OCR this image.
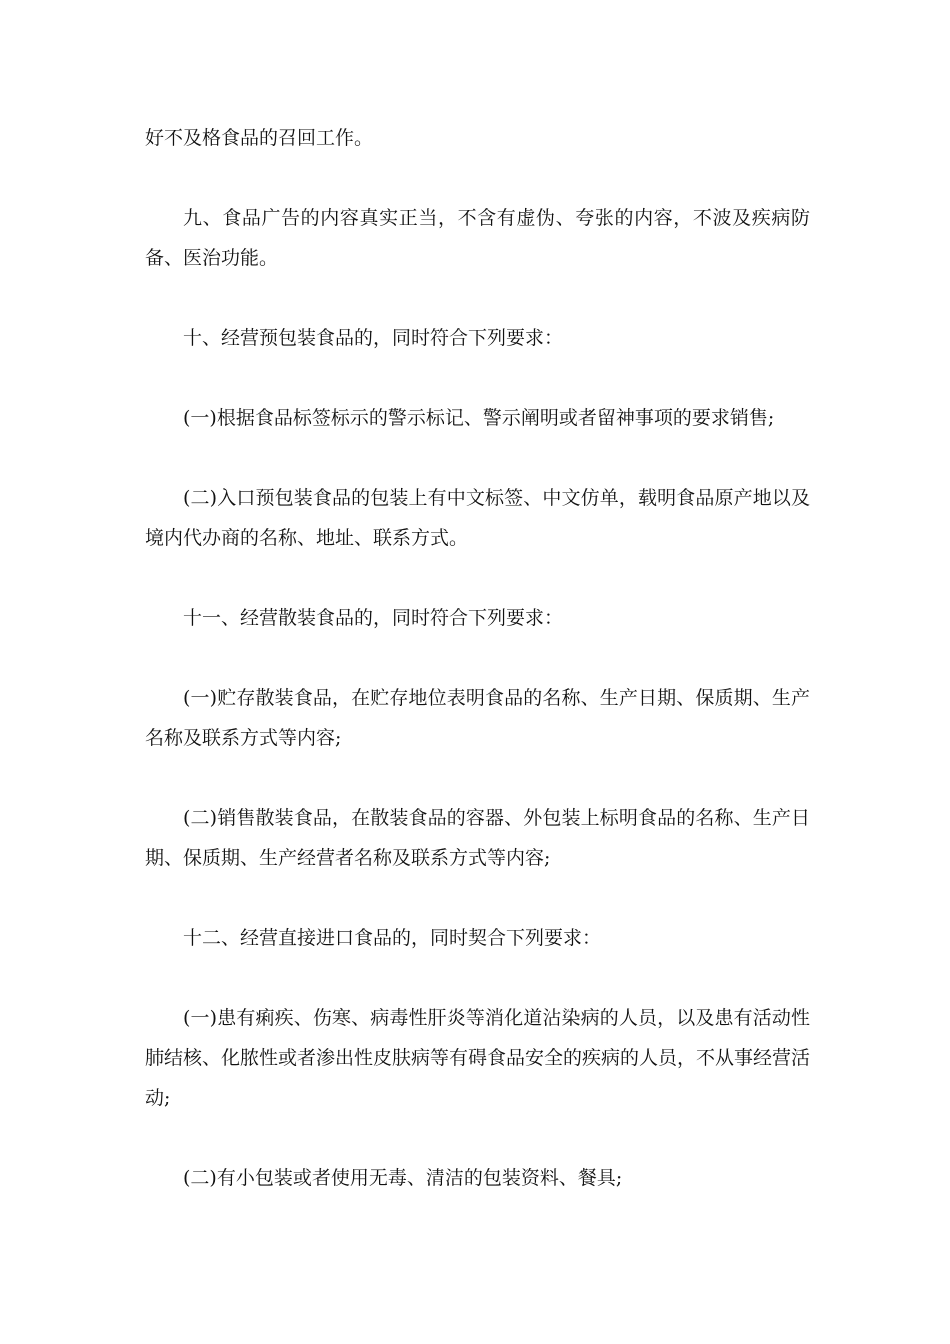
好不及格食品的召回工作。

九、食品广告的内容真实正当，不含有虚伪、夸张的内容，不波及疾病防备、医治功能。

十、经营预包装食品的，同时符合下列要求：

(一)根据食品标签标示的警示标记、警示阐明或者留神事项的要求销售;

(二)入口预包装食品的包装上有中文标签、中文仿单，载明食品原产地以及境内代办商的名称、地址、联系方式。

十一、经营散装食品的，同时符合下列要求：

(一)贮存散装食品，在贮存地位表明食品的名称、生产日期、保质期、生产名称及联系方式等内容;

(二)销售散装食品，在散装食品的容器、外包装上标明食品的名称、生产日期、保质期、生产经营者名称及联系方式等内容;

十二、经营直接进口食品的，同时契合下列要求：

(一)患有痢疾、伤寒、病毒性肝炎等消化道沾染病的人员，以及患有活动性肺结核、化脓性或者渗出性皮肤病等有碍食品安全的疾病的人员，不从事经营活动;

(二)有小包装或者使用无毒、清洁的包装资料、餐具;
